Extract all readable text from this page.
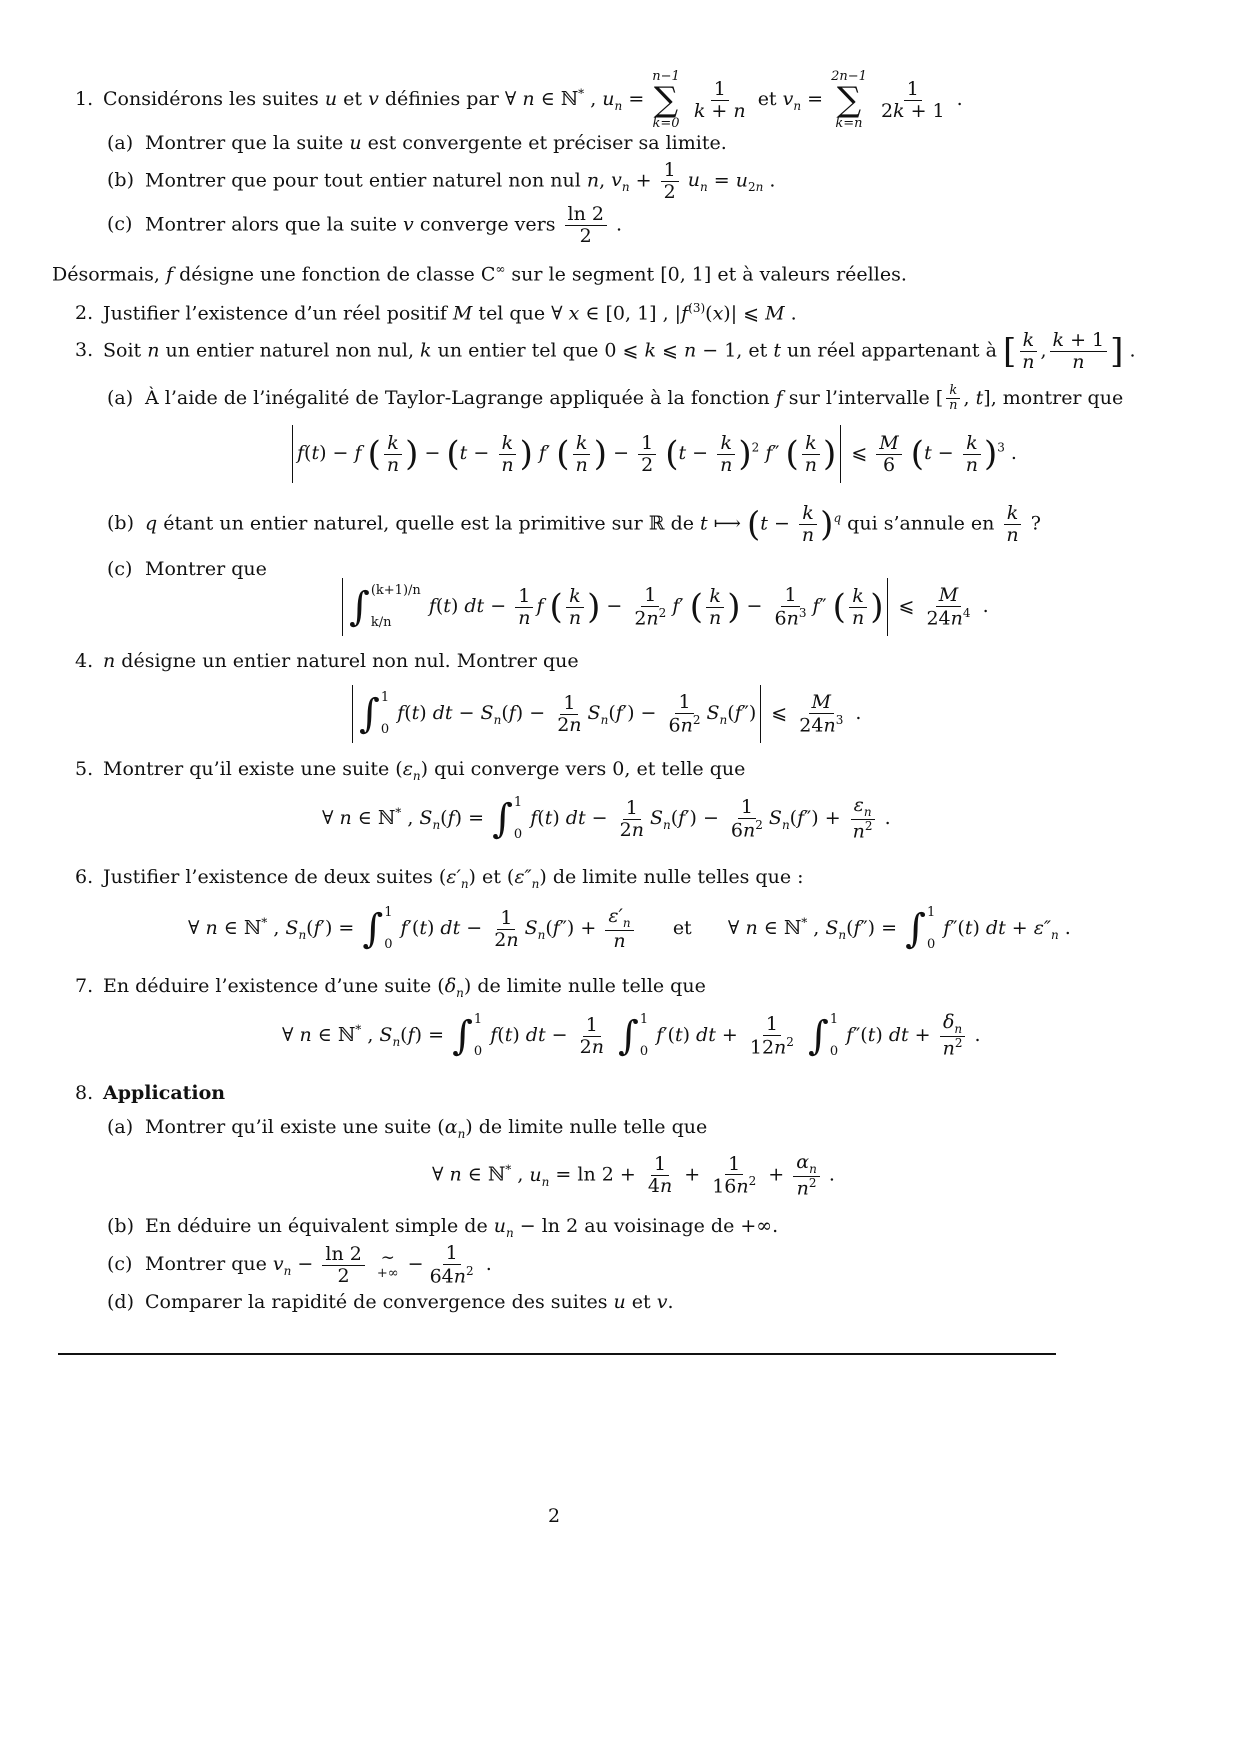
1. Considérons les suites u et v définies par ∀ n ∈ ℕ* , $u_n$ =
n−1
∑
k=0

$\frac{1}{k + n}$ et $v_n$ =
2n−1
∑
k=n

$\frac{1}{2k + 1}$ .
(a) Montrer que la suite u est convergente et préciser sa limite.
(b) Montrer que pour tout entier naturel non nul n, $v_n + \frac{1}{2} u_n = u_{2n}$ .
(c) Montrer alors que la suite v converge vers $\frac{\ln 2}{2}$ .
Désormais, f désigne une fonction de classe C∞ sur le segment [0, 1] et à valeurs réelles.
2. Justifier l’existence d’un réel positif M tel que ∀ x ∈ [0, 1] , $|f^{(3)}(x)|$ ⩽ M .
3. Soit n un entier naturel non nul, k un entier tel que 0 ⩽ k ⩽ n − 1, et t un réel appartenant à [ $\frac{k}{n}$ , $\frac{k + 1}{n}$ ] .
(a) À l’aide de l’inégalité de Taylor-Lagrange appliquée à la fonction f sur l’intervalle [ $\frac{k}{n}$ , t], montrer que
f(t) − f ( $\frac{k}{n}$ ) − ($t - \frac{k}{n}$ ) f′ ( $\frac{k}{n}$ ) − $\frac{1}{2} (t - \frac{k}{n} )^2$ f″ ( $\frac{k}{n}$ ) ⩽ $\frac{M}{6} (t - \frac{k}{n} )^3$ .
(b) q étant un entier naturel, quelle est la primitive sur ℝ de t ⟼ $(t - \frac{k}{n} )^q$ qui s’annule en $\frac{k}{n}$ ?
(c) Montrer que
∫ (k+1)/n
k/n
f(t) dt − $\frac{1}{n}$ f ( $\frac{k}{n}$ ) − $\frac{1}{2n^2} f'$ ( $\frac{k}{n}$ ) − $\frac{1}{6n^3} f''$ ( $\frac{k}{n}$ ) ⩽ $\frac{M}{24n^4}$ .
4. n désigne un entier naturel non nul. Montrer que
∫ 1
0
f(t) dt − $S_n(f) - \frac{1}{2n} S_n(f') - \frac{1}{6n^2} S_n(f'')$ ⩽ $\frac{M}{24n^3}$ .
5. Montrer qu’il existe une suite $(\varepsilon_n)$ qui converge vers 0, et telle que
∀ n ∈ ℕ* , $S_n(f)$ = ∫ 1
0
f(t) dt − $\frac{1}{2n} S_n(f') - \frac{1}{6n^2} S_n(f'') + \frac{\varepsilon_n}{n^2}$ .
6. Justifier l’existence de deux suites $(\varepsilon'_n)$ et $(\varepsilon''_n)$ de limite nulle telles que :
∀ n ∈ ℕ* , $S_n(f')$ = ∫ 1
0
f′(t) dt − $\frac{1}{2n} S_n(f'') + \frac{\varepsilon'_n}{n}$ et      ∀ n ∈ ℕ* , $S_n(f'')$ = ∫ 1
0
f″(t) dt + $\varepsilon''_n$ .
7. En déduire l’existence d’une suite $(\delta_n)$ de limite nulle telle que
∀ n ∈ ℕ* , $S_n(f)$ = ∫ 1
0
f(t) dt − $\frac{1}{2n}$
∫ 1
0
f′(t) dt + $\frac{1}{12n^2}$
∫ 1
0
f″(t) dt + $\frac{\delta_n}{n^2}$ .
8. Application
(a) Montrer qu’il existe une suite $(\alpha_n)$ de limite nulle telle que
∀ n ∈ ℕ* , $u_n = \ln 2 + \frac{1}{4n} + \frac{1}{16n^2} + \frac{\alpha_n}{n^2}$ .
(b) En déduire un équivalent simple de $u_n - \ln 2$ au voisinage de +∞.
(c) Montrer que $v_n - \frac{\ln 2}{2}$
∼
+∞ − $\frac{1}{64n^2}$ .
(d) Comparer la rapidité de convergence des suites u et v.
2
